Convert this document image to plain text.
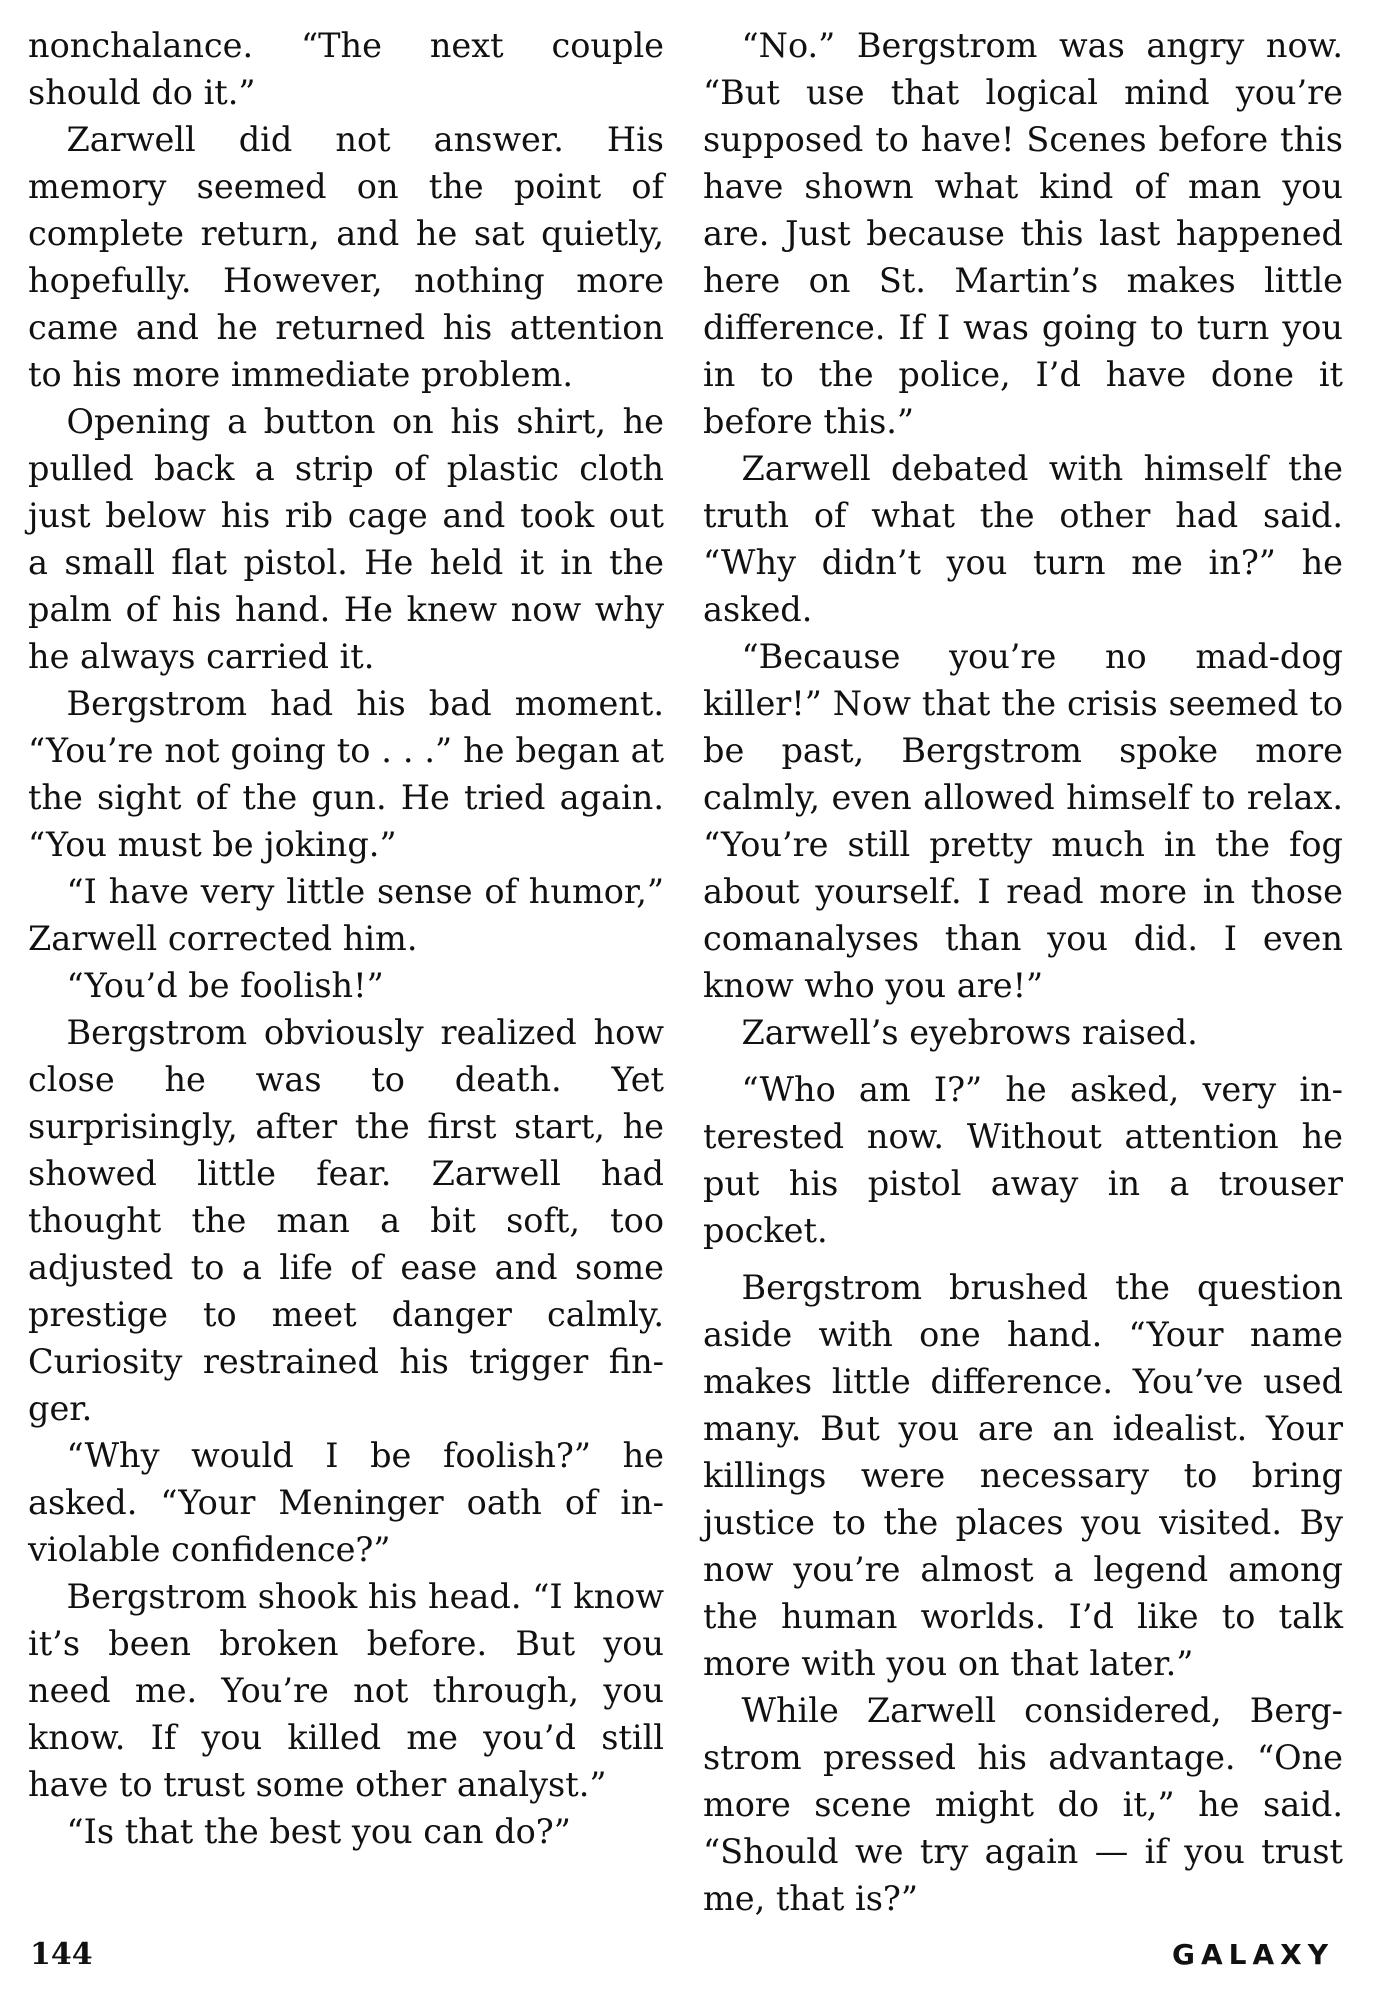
nonchalance. “The next couple should do it.”

Zarwell did not answer. His memory seemed on the point of complete return, and he sat quietly, hopefully. However, nothing more came and he returned his attention to his more immediate problem.

Opening a button on his shirt, he pulled back a strip of plastic cloth just below his rib cage and took out a small flat pistol. He held it in the palm of his hand. He knew now why he always carried it.

Bergstrom had his bad moment. “You’re not going to . . .” he began at the sight of the gun. He tried again. “You must be joking.”

“I have very little sense of humor,” Zarwell corrected him.

“You’d be foolish!”

Bergstrom obviously realized how close he was to death. Yet surprisingly, after the first start, he showed little fear. Zarwell had thought the man a bit soft, too adjusted to a life of ease and some prestige to meet danger calmly. Curiosity restrained his trigger finger.

“Why would I be foolish?” he asked. “Your Meninger oath of inviolable confidence?”

Bergstrom shook his head. “I know it’s been broken before. But you need me. You’re not through, you know. If you killed me you’d still have to trust some other analyst.”

“Is that the best you can do?”

“No.” Bergstrom was angry now. “But use that logical mind you’re supposed to have! Scenes before this have shown what kind of man you are. Just because this last happened here on St. Martin’s makes little difference. If I was going to turn you in to the police, I’d have done it before this.”

Zarwell debated with himself the truth of what the other had said. “Why didn’t you turn me in?” he asked.

“Because you’re no mad-dog killer!” Now that the crisis seemed to be past, Bergstrom spoke more calmly, even allowed himself to relax. “You’re still pretty much in the fog about yourself. I read more in those comanalyses than you did. I even know who you are!”

Zarwell’s eyebrows raised.

“Who am I?” he asked, very interested now. Without attention he put his pistol away in a trouser pocket.

Bergstrom brushed the question aside with one hand. “Your name makes little difference. You’ve used many. But you are an idealist. Your killings were necessary to bring justice to the places you visited. By now you’re almost a legend among the human worlds. I’d like to talk more with you on that later.”

While Zarwell considered, Bergstrom pressed his advantage. “One more scene might do it,” he said. “Should we try again — if you trust me, that is?”

144	GALAXY
